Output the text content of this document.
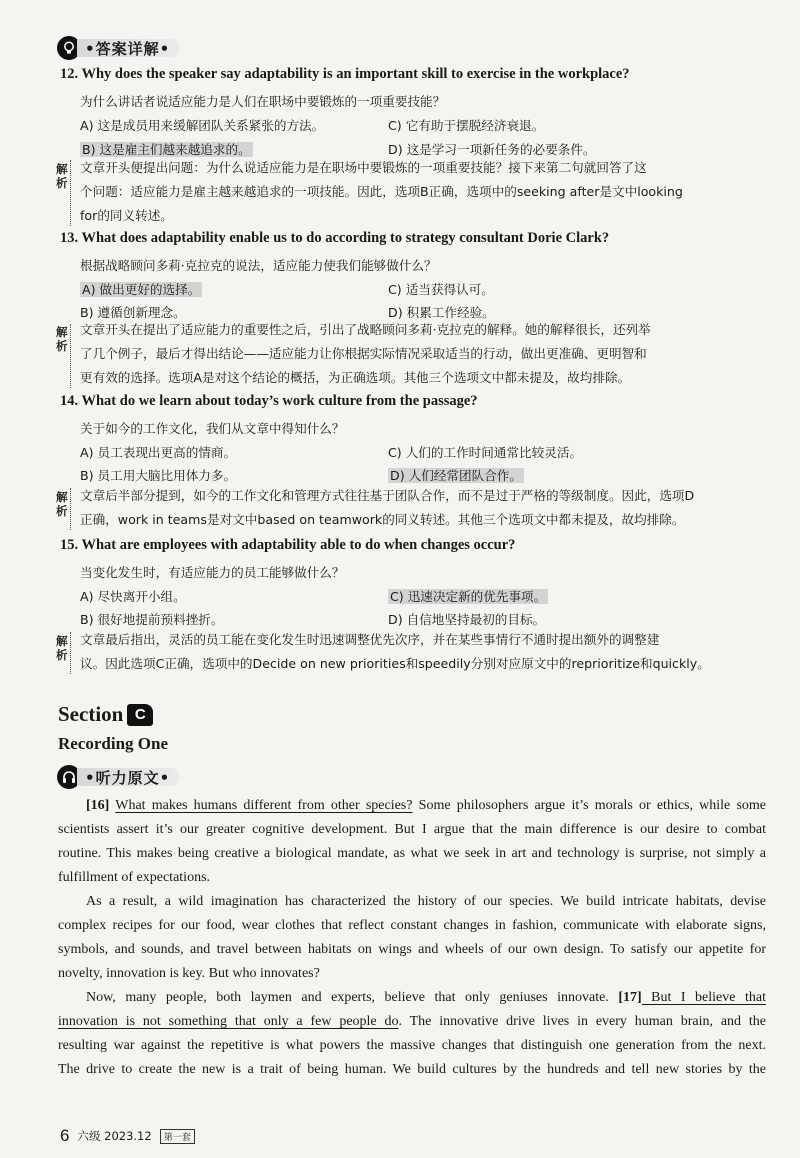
•答案详解•
12. Why does the speaker say adaptability is an important skill to exercise in the workplace?
为什么讲话者说适应能力是人们在职场中要锻炼的一项重要技能？
A) 这是成员用来缓解团队关系紧张的方法。	C) 它有助于摆脱经济衰退。
B) 这是雇主们越来越追求的。	D) 这是学习一项新任务的必要条件。
解析
文章开头便提出问题：为什么说适应能力是在职场中要锻炼的一项重要技能？接下来第二句就回答了这
个问题：适应能力是雇主越来越追求的一项技能。因此，选项B正确，选项中的seeking after是文中looking
for的同义转述。
13. What does adaptability enable us to do according to strategy consultant Dorie Clark?
根据战略顾问多莉·克拉克的说法，适应能力使我们能够做什么？
A) 做出更好的选择。	C) 适当获得认可。
B) 遵循创新理念。	D) 积累工作经验。
解析
文章开头在提出了适应能力的重要性之后，引出了战略顾问多莉·克拉克的解释。她的解释很长，还列举
了几个例子，最后才得出结论——适应能力让你根据实际情况采取适当的行动，做出更准确、更明智和
更有效的选择。选项A是对这个结论的概括，为正确选项。其他三个选项文中都未提及，故均排除。
14. What do we learn about today’s work culture from the passage?
关于如今的工作文化，我们从文章中得知什么？
A) 员工表现出更高的情商。	C) 人们的工作时间通常比较灵活。
B) 员工用大脑比用体力多。	D) 人们经常团队合作。
解析
文章后半部分提到，如今的工作文化和管理方式往往基于团队合作，而不是过于严格的等级制度。因此，选项D
正确，work in teams是对文中based on teamwork的同义转述。其他三个选项文中都未提及，故均排除。
15. What are employees with adaptability able to do when changes occur?
当变化发生时，有适应能力的员工能够做什么？
A) 尽快离开小组。	C) 迅速决定新的优先事项。
B) 很好地提前预料挫折。	D) 自信地坚持最初的目标。
解析
文章最后指出，灵活的员工能在变化发生时迅速调整优先次序，并在某些事情行不通时提出额外的调整建
议。因此选项C正确，选项中的Decide on new priorities和speedily分别对应原文中的reprioritize和quickly。
Section C
Recording One
•听力原文•
[16] What makes humans different from other species? Some philosophers argue it’s morals or ethics, while some
scientists assert it’s our greater cognitive development. But I argue that the main difference is our desire to combat
routine. This makes being creative a biological mandate, as what we seek in art and technology is surprise, not simply a
fulfillment of expectations.
As a result, a wild imagination has characterized the history of our species. We build intricate habitats, devise
complex recipes for our food, wear clothes that reflect constant changes in fashion, communicate with elaborate signs,
symbols, and sounds, and travel between habitats on wings and wheels of our own design. To satisfy our appetite for
novelty, innovation is key. But who innovates?
Now, many people, both laymen and experts, believe that only geniuses innovate. [17] But I believe that
innovation is not something that only a few people do. The innovative drive lives in every human brain, and the
resulting war against the repetitive is what powers the massive changes that distinguish one generation from the next.
The drive to create the new is a trait of being human. We build cultures by the hundreds and tell new stories by the
6 六级 2023.12	第一套
